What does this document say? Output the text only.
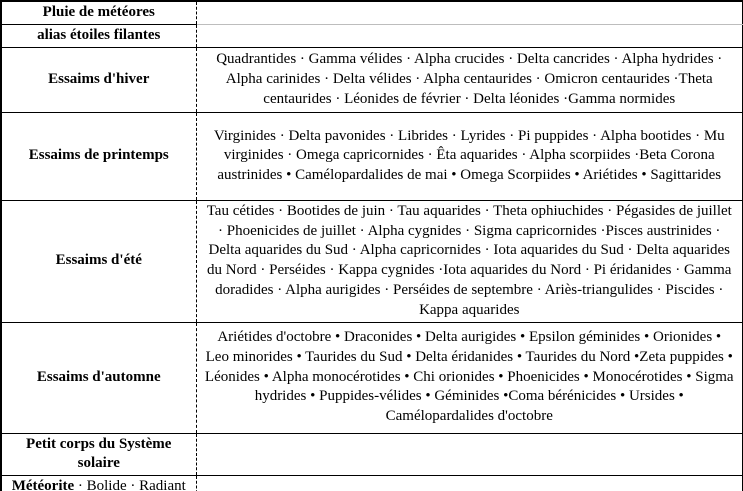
Pluie de météores	
alias étoiles filantes	
Essaims d'hiver	Quadrantides · Gamma vélides · Alpha crucides · Delta cancrides · Alpha hydrides · Alpha carinides · Delta vélides · Alpha centaurides · Omicron centaurides ·Theta centaurides · Léonides de février · Delta léonides ·Gamma normides
Essaims de printemps	Virginides · Delta pavonides · Librides · Lyrides · Pi puppides · Alpha bootides · Mu virginides · Omega capricornides · Êta aquarides · Alpha scorpiides ·Beta Corona austrinides • Camélopardalides de mai • Omega Scorpiides • Ariétides • Sagittarides
Essaims d'été	Tau cétides · Bootides de juin · Tau aquarides · Theta ophiuchides · Pégasides de juillet · Phoenicides de juillet · Alpha cygnides · Sigma capricornides ·Pisces austrinides · Delta aquarides du Sud · Alpha capricornides · Iota aquarides du Sud · Delta aquarides du Nord · Perséides · Kappa cygnides ·Iota aquarides du Nord · Pi éridanides · Gamma doradides · Alpha aurigides · Perséides de septembre · Ariès-triangulides · Piscides · Kappa aquarides
Essaims d'automne	Ariétides d'octobre • Draconides • Delta aurigides • Epsilon géminides • Orionides • Leo minorides • Taurides du Sud • Delta éridanides • Taurides du Nord •Zeta puppides • Léonides • Alpha monocérotides • Chi orionides • Phoenicides • Monocérotides • Sigma hydrides • Puppides-vélides • Géminides •Coma bérénicides • Ursides • Camélopardalides d'octobre
Petit corps du Système solaire	
Météorite · Bolide · Radiant	
